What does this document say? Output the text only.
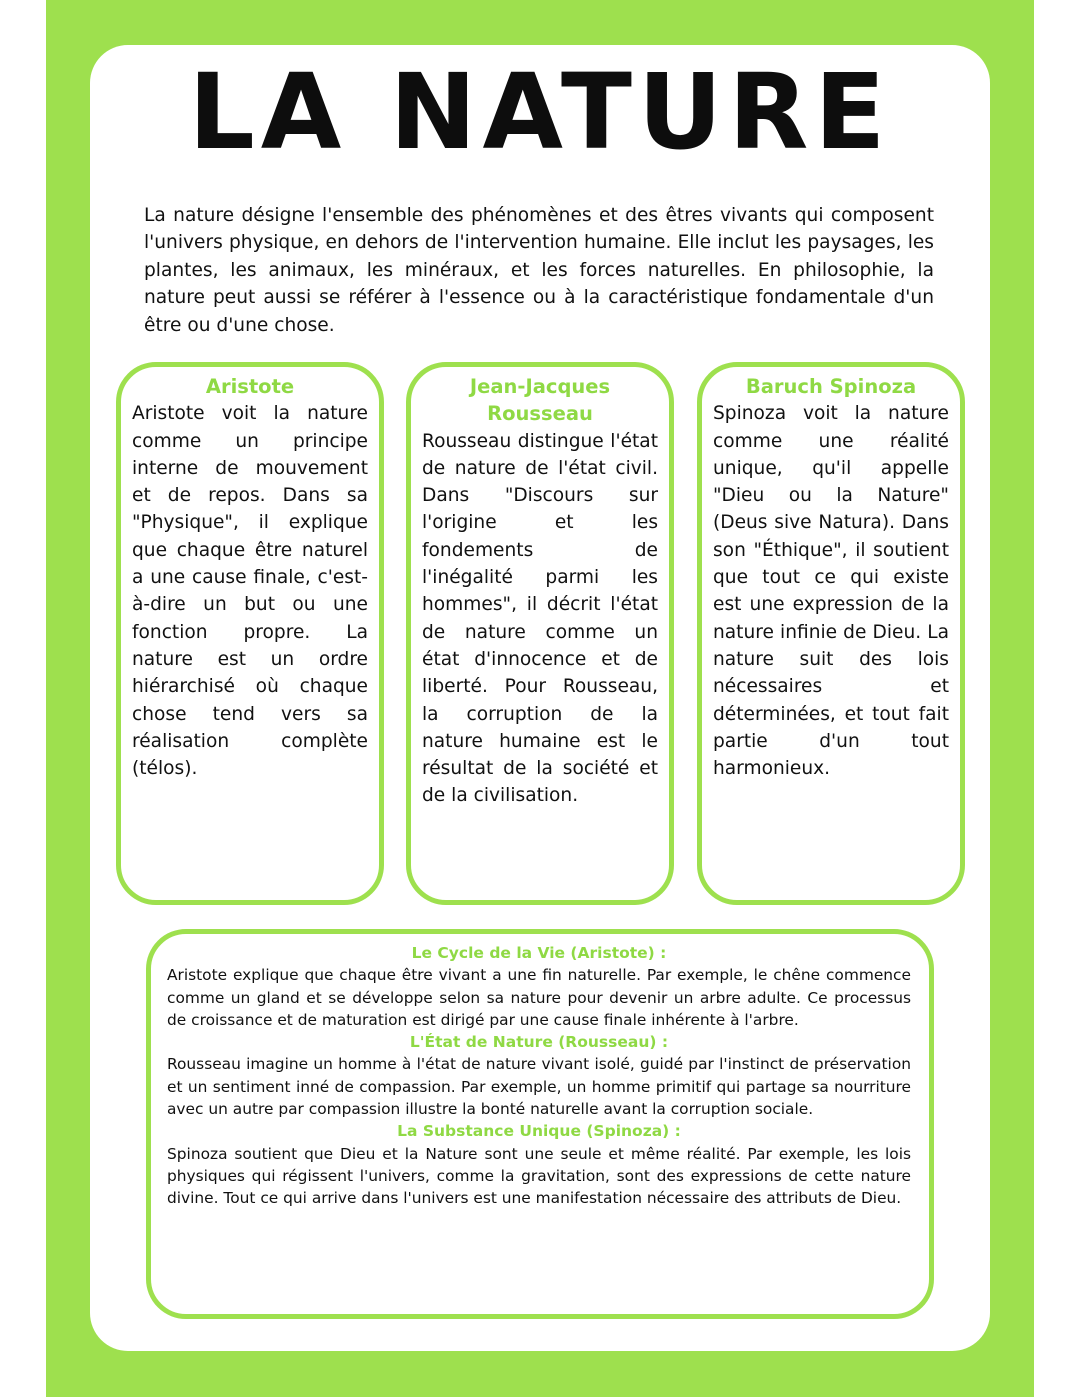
LA NATURE

La nature désigne l'ensemble des phénomènes et des êtres vivants qui composent l'univers physique, en dehors de l'intervention humaine. Elle inclut les paysages, les plantes, les animaux, les minéraux, et les forces naturelles. En philosophie, la nature peut aussi se référer à l'essence ou à la caractéristique fondamentale d'un être ou d'une chose.

Aristote

Aristote voit la nature comme un principe interne de mouvement et de repos. Dans sa "Physique", il explique que chaque être naturel a une cause finale, c'est-à-dire un but ou une fonction propre. La nature est un ordre hiérarchisé où chaque chose tend vers sa réalisation complète (télos).

Jean-Jacques Rousseau

Rousseau distingue l'état de nature de l'état civil. Dans "Discours sur l'origine et les fondements de l'inégalité parmi les hommes", il décrit l'état de nature comme un état d'innocence et de liberté. Pour Rousseau, la corruption de la nature humaine est le résultat de la société et de la civilisation.

Baruch Spinoza

Spinoza voit la nature comme une réalité unique, qu'il appelle "Dieu ou la Nature" (Deus sive Natura). Dans son "Éthique", il soutient que tout ce qui existe est une expression de la nature infinie de Dieu. La nature suit des lois nécessaires et déterminées, et tout fait partie d'un tout harmonieux.

Le Cycle de la Vie (Aristote) :

Aristote explique que chaque être vivant a une fin naturelle. Par exemple, le chêne commence comme un gland et se développe selon sa nature pour devenir un arbre adulte. Ce processus de croissance et de maturation est dirigé par une cause finale inhérente à l'arbre.

L'État de Nature (Rousseau) :

Rousseau imagine un homme à l'état de nature vivant isolé, guidé par l'instinct de préservation et un sentiment inné de compassion. Par exemple, un homme primitif qui partage sa nourriture avec un autre par compassion illustre la bonté naturelle avant la corruption sociale.

La Substance Unique (Spinoza) :

Spinoza soutient que Dieu et la Nature sont une seule et même réalité. Par exemple, les lois physiques qui régissent l'univers, comme la gravitation, sont des expressions de cette nature divine. Tout ce qui arrive dans l'univers est une manifestation nécessaire des attributs de Dieu.
